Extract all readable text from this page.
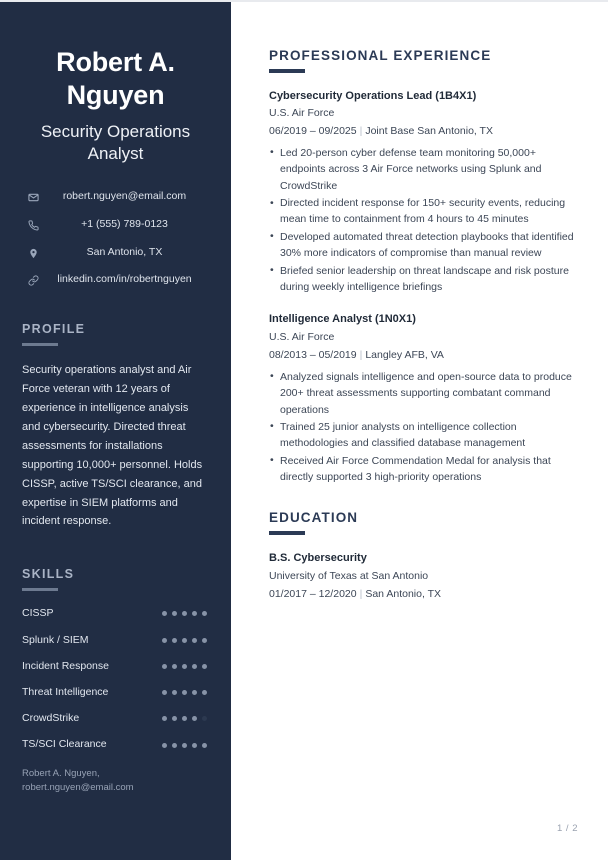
Robert A. Nguyen
Security Operations Analyst
robert.nguyen@email.com
+1 (555) 789-0123
San Antonio, TX
linkedin.com/in/robertnguyen
PROFILE

Security operations analyst and Air Force veteran with 12 years of experience in intelligence analysis and cybersecurity. Directed threat assessments for installations supporting 10,000+ personnel. Holds CISSP, active TS/SCI clearance, and expertise in SIEM platforms and incident response.

SKILLS
CISSP
Splunk / SIEM
Incident Response
Threat Intelligence
CrowdStrike
TS/SCI Clearance
Robert A. Nguyen, robert.nguyen@email.com
PROFESSIONAL EXPERIENCE
Cybersecurity Operations Lead (1B4X1)
U.S. Air Force
06/2019 – 09/2025 | Joint Base San Antonio, TX
• Led 20-person cyber defense team monitoring 50,000+ endpoints across 3 Air Force networks using Splunk and CrowdStrike
• Directed incident response for 150+ security events, reducing mean time to containment from 4 hours to 45 minutes
• Developed automated threat detection playbooks that identified 30% more indicators of compromise than manual review
• Briefed senior leadership on threat landscape and risk posture during weekly intelligence briefings
Intelligence Analyst (1N0X1)
U.S. Air Force
08/2013 – 05/2019 | Langley AFB, VA
• Analyzed signals intelligence and open-source data to produce 200+ threat assessments supporting combatant command operations
• Trained 25 junior analysts on intelligence collection methodologies and classified database management
• Received Air Force Commendation Medal for analysis that directly supported 3 high-priority operations
EDUCATION
B.S. Cybersecurity
University of Texas at San Antonio
01/2017 – 12/2020 | San Antonio, TX
1 / 2
